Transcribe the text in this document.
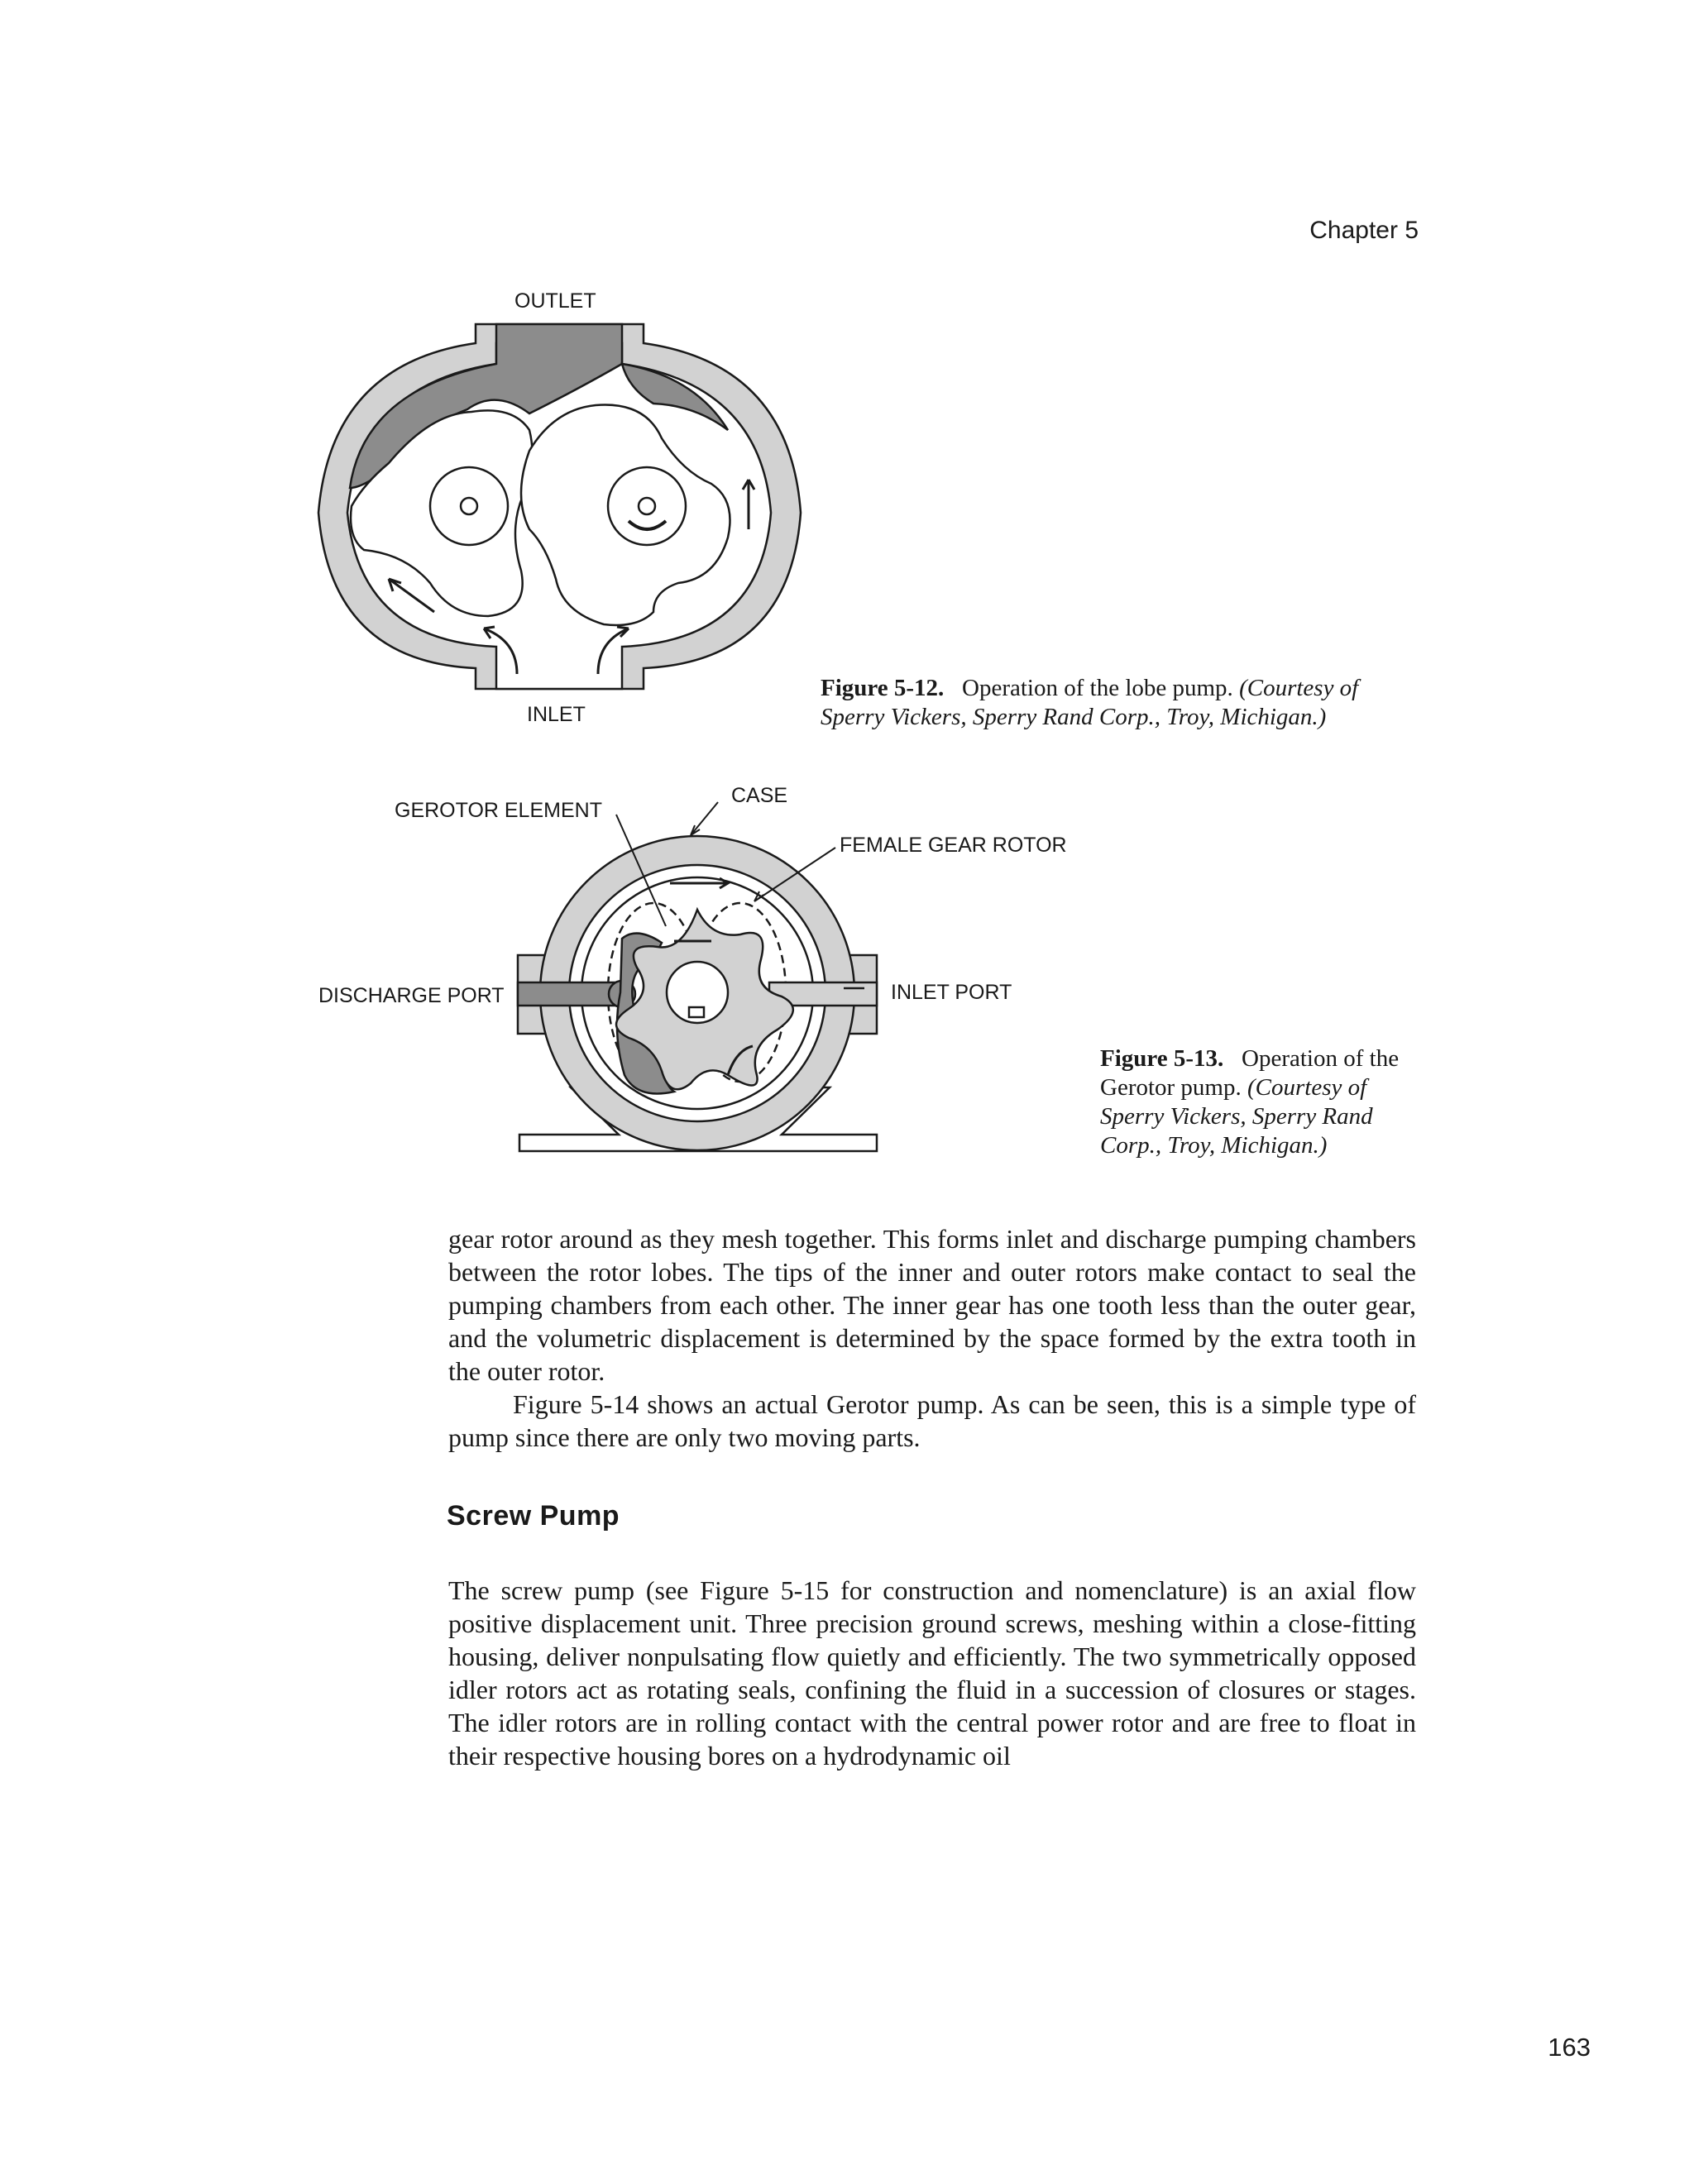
Chapter 5
OUTLET
INLET
Figure 5-12. Operation of the lobe pump. (Courtesy of Sperry Vickers, Sperry Rand Corp., Troy, Michigan.)
GEROTOR ELEMENT
CASE
FEMALE GEAR ROTOR
DISCHARGE PORT	INLET PORT
Figure 5-13. Operation of the Gerotor pump. (Courtesy of Sperry Vickers, Sperry Rand Corp., Troy, Michigan.)

gear rotor around as they mesh together. This forms inlet and discharge pumping chambers between the rotor lobes. The tips of the inner and outer rotors make contact to seal the pumping chambers from each other. The inner gear has one tooth less than the outer gear, and the volumetric displacement is determined by the space formed by the extra tooth in the outer rotor.

Figure 5-14 shows an actual Gerotor pump. As can be seen, this is a simple type of pump since there are only two moving parts.

Screw Pump

The screw pump (see Figure 5-15 for construction and nomenclature) is an axial flow positive displacement unit. Three precision ground screws, meshing within a close-fitting housing, deliver nonpulsating flow quietly and efficiently. The two symmetrically opposed idler rotors act as rotating seals, confining the fluid in a succession of closures or stages. The idler rotors are in rolling contact with the central power rotor and are free to float in their respective housing bores on a hydrodynamic oil

163
